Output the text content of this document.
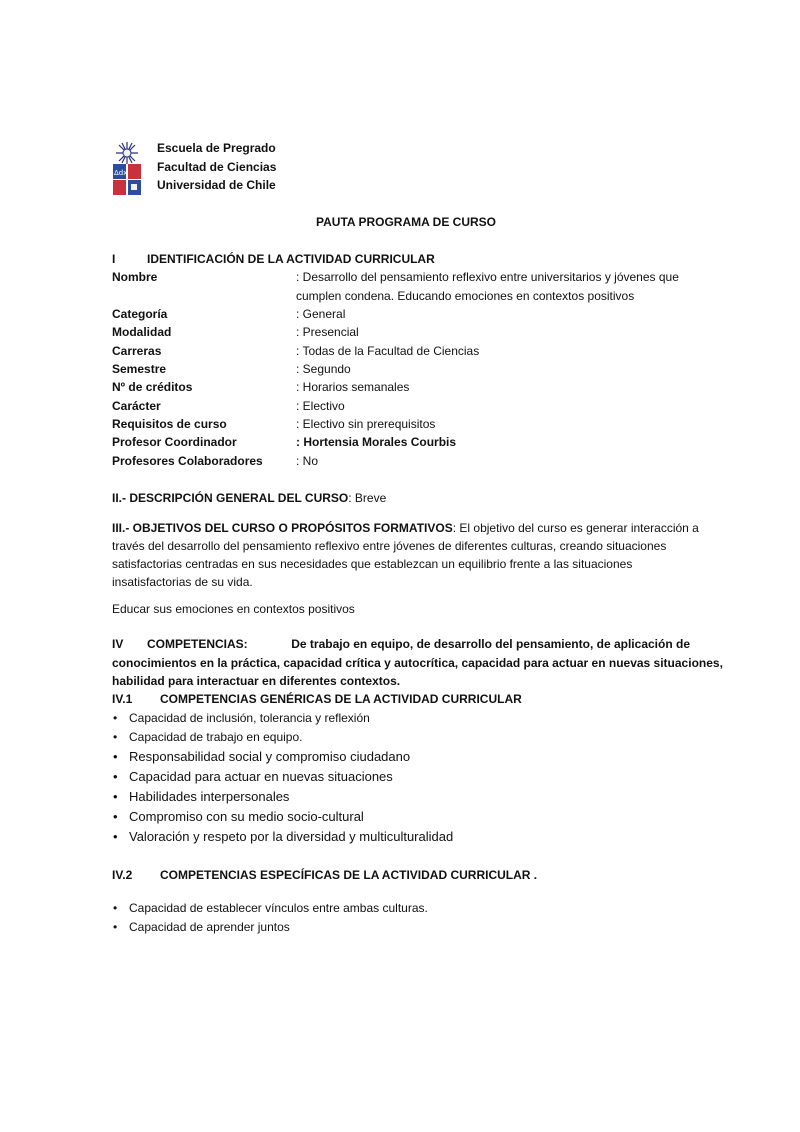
Δdx
Escuela de Pregrado
Facultad de Ciencias
Universidad de Chile
PAUTA PROGRAMA DE CURSO
I	IDENTIFICACIÓN DE LA ACTIVIDAD CURRICULAR
Nombre	: Desarrollo del pensamiento reflexivo entre universitarios y jóvenes que
cumplen condena. Educando emociones en contextos positivos
Categoría	: General
Modalidad	: Presencial
Carreras	: Todas de la Facultad de Ciencias
Semestre	: Segundo
Nº de créditos	: Horarios semanales
Carácter	: Electivo
Requisitos de curso	: Electivo sin prerequisitos
Profesor Coordinador	: Hortensia Morales Courbis
Profesores Colaboradores	: No
II.- DESCRIPCIÓN GENERAL DEL CURSO: Breve
III.- OBJETIVOS DEL CURSO O PROPÓSITOS FORMATIVOS: El objetivo del curso es generar interacción a
través del desarrollo del pensamiento reflexivo entre jóvenes de diferentes culturas, creando situaciones
satisfactorias centradas en sus necesidades que establezcan un equilibrio frente a las situaciones
insatisfactorias de su vida.
Educar sus emociones en contextos positivos
IV COMPETENCIAS:	De trabajo en equipo, de desarrollo del pensamiento, de aplicación de
conocimientos en la práctica, capacidad crítica y autocrítica, capacidad para actuar en nuevas situaciones,
habilidad para interactuar en diferentes contextos.
IV.1 COMPETENCIAS GENÉRICAS DE LA ACTIVIDAD CURRICULAR
• Capacidad de inclusión, tolerancia y reflexión
• Capacidad de trabajo en equipo.
• Responsabilidad social y compromiso ciudadano
• Capacidad para actuar en nuevas situaciones
• Habilidades interpersonales
• Compromiso con su medio socio-cultural
• Valoración y respeto por la diversidad y multiculturalidad
IV.2 COMPETENCIAS ESPECÍFICAS DE LA ACTIVIDAD CURRICULAR .
• Capacidad de establecer vínculos entre ambas culturas.
• Capacidad de aprender juntos
